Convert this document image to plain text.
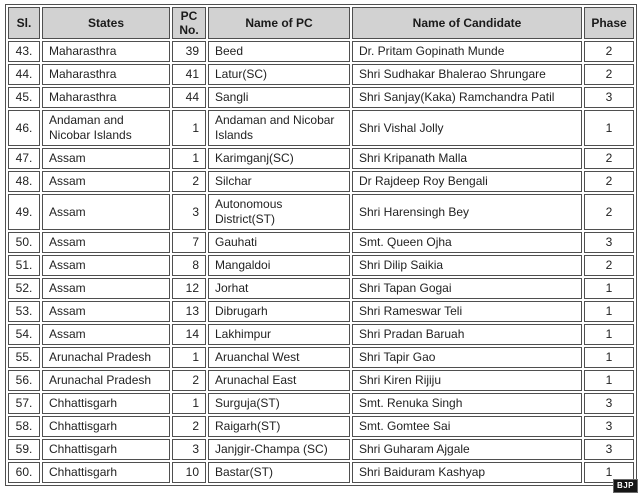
Sl.	States	PC No.	Name of PC	Name of Candidate	Phase
43.	Maharasthra	39	Beed	Dr. Pritam Gopinath Munde	2
44.	Maharasthra	41	Latur(SC)	Shri Sudhakar Bhalerao Shrungare	2
45.	Maharasthra	44	Sangli	Shri Sanjay(Kaka) Ramchandra Patil	3
46.	Andaman and Nicobar Islands	1	Andaman and Nicobar Islands	Shri Vishal Jolly	1
47.	Assam	1	Karimganj(SC)	Shri Kripanath Malla	2
48.	Assam	2	Silchar	Dr Rajdeep Roy Bengali	2
49.	Assam	3	Autonomous District(ST)	Shri Harensingh Bey	2
50.	Assam	7	Gauhati	Smt. Queen Ojha	3
51.	Assam	8	Mangaldoi	Shri Dilip Saikia	2
52.	Assam	12	Jorhat	Shri Tapan Gogai	1
53.	Assam	13	Dibrugarh	Shri Rameswar Teli	1
54.	Assam	14	Lakhimpur	Shri Pradan Baruah	1
55.	Arunachal Pradesh	1	Aruanchal West	Shri Tapir Gao	1
56.	Arunachal Pradesh	2	Arunachal East	Shri Kiren Rijiju	1
57.	Chhattisgarh	1	Surguja(ST)	Smt. Renuka Singh	3
58.	Chhattisgarh	2	Raigarh(ST)	Smt. Gomtee Sai	3
59.	Chhattisgarh	3	Janjgir-Champa (SC)	Shri Guharam Ajgale	3
60.	Chhattisgarh	10	Bastar(ST)	Shri Baiduram Kashyap	1
BJP
